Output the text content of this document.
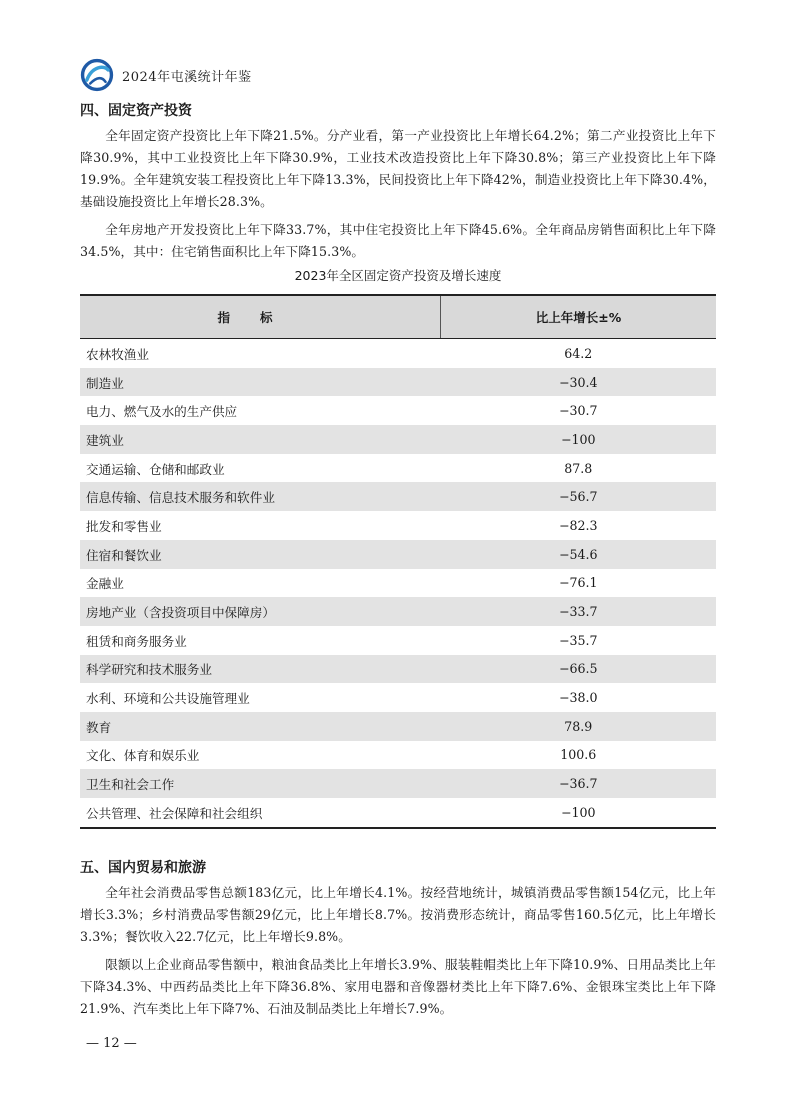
2024年屯溪统计年鉴
四、固定资产投资

全年固定资产投资比上年下降21.5%。分产业看，第一产业投资比上年增长64.2%；第二产业投资比上年下降30.9%，其中工业投资比上年下降30.9%，工业技术改造投资比上年下降30.8%；第三产业投资比上年下降19.9%。全年建筑安装工程投资比上年下降13.3%，民间投资比上年下降42%，制造业投资比上年下降30.4%，基础设施投资比上年增长28.3%。

全年房地产开发投资比上年下降33.7%，其中住宅投资比上年下降45.6%。全年商品房销售面积比上年下降34.5%，其中：住宅销售面积比上年下降15.3%。

2023年全区固定资产投资及增长速度
指标	比上年增长±%
农林牧渔业	64.2
制造业	−30.4
电力、燃气及水的生产供应	−30.7
建筑业	−100
交通运输、仓储和邮政业	87.8
信息传输、信息技术服务和软件业	−56.7
批发和零售业	−82.3
住宿和餐饮业	−54.6
金融业	−76.1
房地产业（含投资项目中保障房）	−33.7
租赁和商务服务业	−35.7
科学研究和技术服务业	−66.5
水利、环境和公共设施管理业	−38.0
教育	78.9
文化、体育和娱乐业	100.6
卫生和社会工作	−36.7
公共管理、社会保障和社会组织	−100
五、国内贸易和旅游

全年社会消费品零售总额183亿元，比上年增长4.1%。按经营地统计，城镇消费品零售额154亿元，比上年增长3.3%；乡村消费品零售额29亿元，比上年增长8.7%。按消费形态统计，商品零售160.5亿元，比上年增长3.3%；餐饮收入22.7亿元，比上年增长9.8%。

限额以上企业商品零售额中，粮油食品类比上年增长3.9%、服装鞋帽类比上年下降10.9%、日用品类比上年下降34.3%、中西药品类比上年下降36.8%、家用电器和音像器材类比上年下降7.6%、金银珠宝类比上年下降21.9%、汽车类比上年下降7%、石油及制品类比上年增长7.9%。

— 12 —
